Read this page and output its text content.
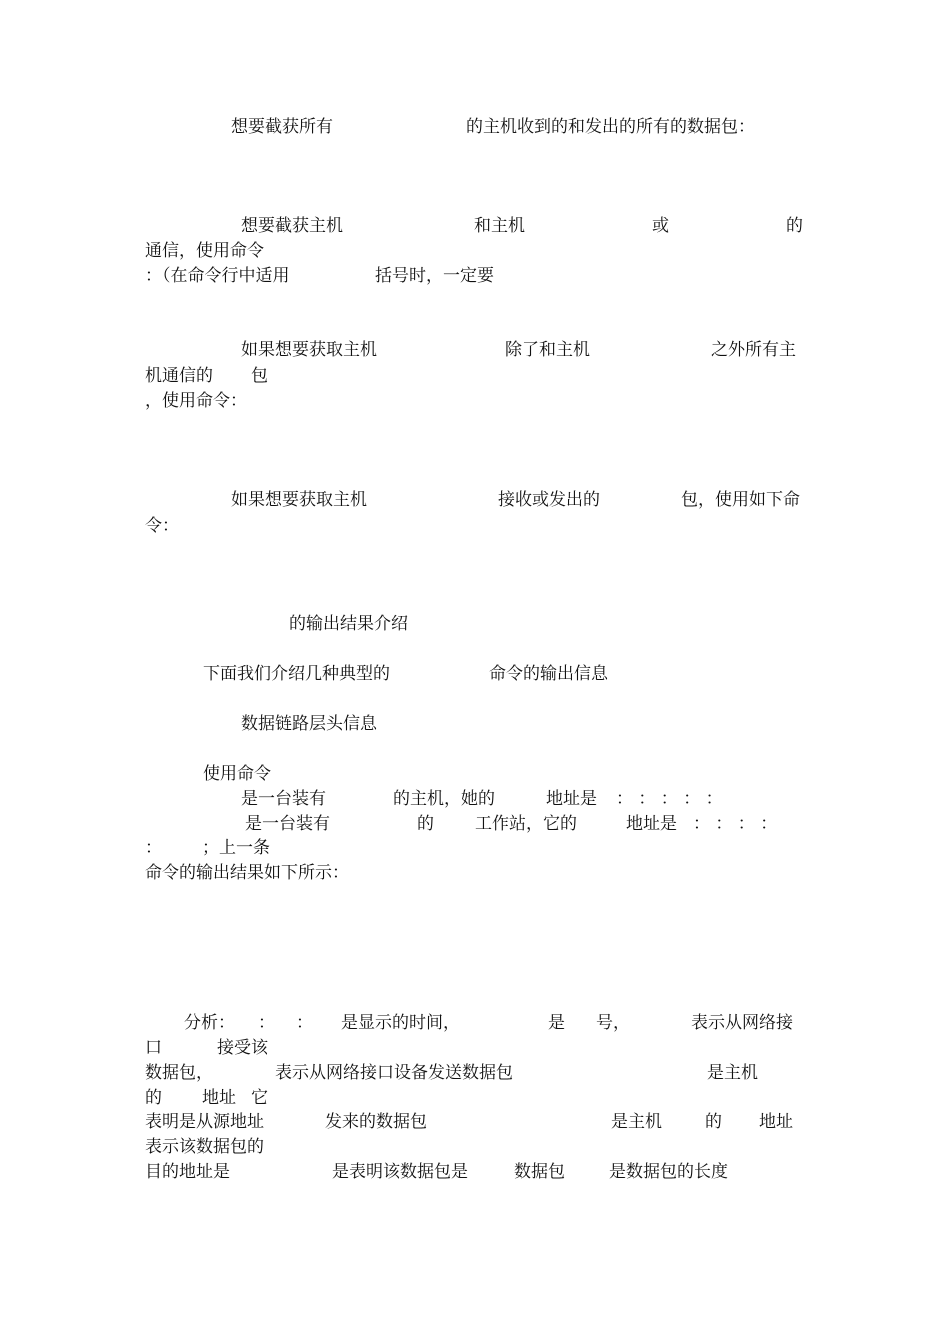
想要截获所有	的主机收到的和发出的所有的数据包：

想要截获主机	和主机	或	的

通信，使用命令

：（在命令行中适用	括号时，一定要

如果想要获取主机	除了和主机	之外所有主

机通信的 包

，使用命令：

如果想要获取主机	接收或发出的	包，使用如下命

令：

的输出结果介绍

下面我们介绍几种典型的	命令的输出信息

数据链路层头信息

使用命令

是一台装有	的主机，她的	地址是 ： ： ： ： ：

是一台装有	的 工作站，它的	地址是 ： ： ： ：

： ；上一条

命令的输出结果如下所示：

分析： ： ： 是显示的时间，	是 号，	表示从网络接

口	接受该

数据包，	表示从网络接口设备发送数据包	是主机

的 地址 它

表明是从源地址	发来的数据包	是主机	的 地址

表示该数据包的

目的地址是	是表明该数据包是	数据包	是数据包的长度
